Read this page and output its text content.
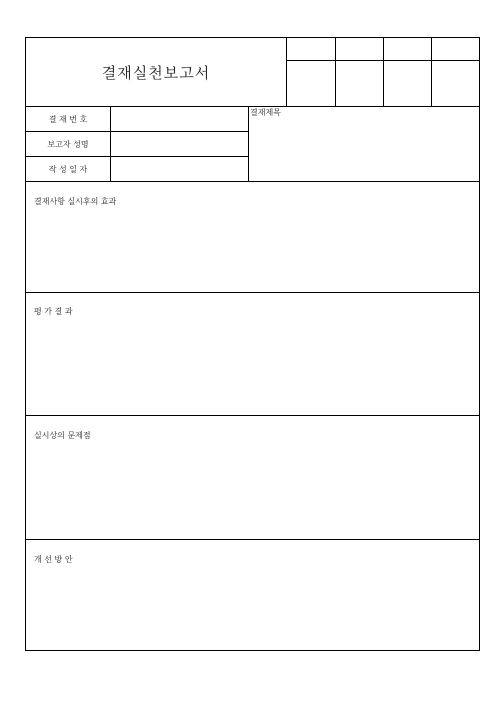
결재실천보고서
결 재 번 호
보고자 성명
작 성 일 자
결재제목
결재사항 실시후의 효과
평 가 결 과
실시상의 문제점
개 선 방 안
